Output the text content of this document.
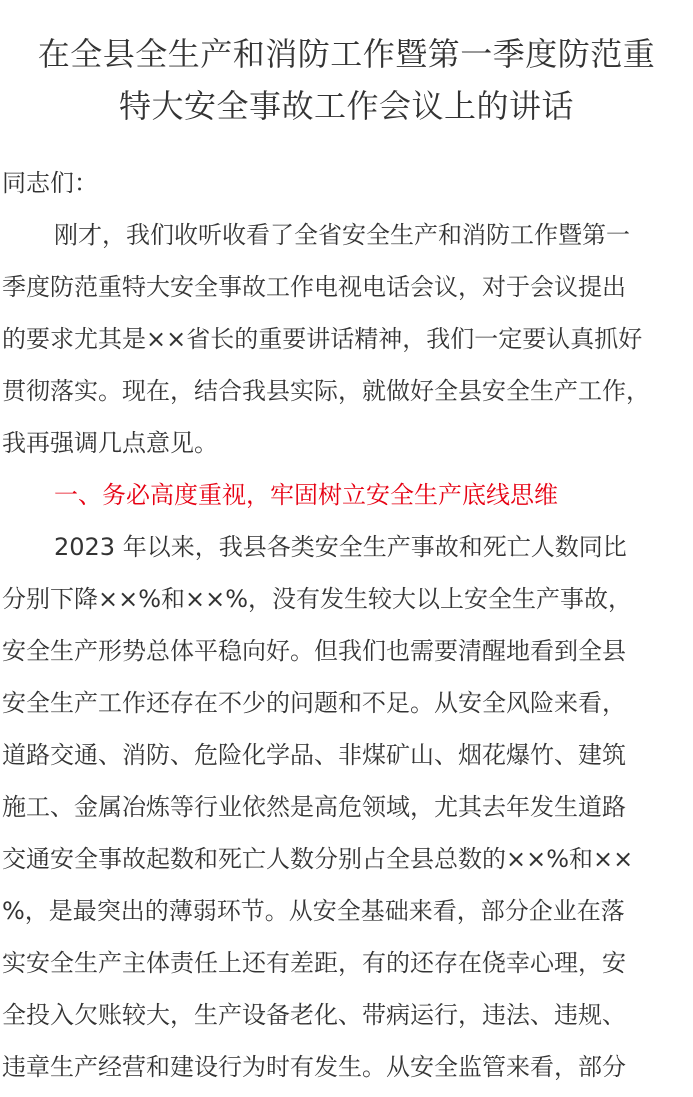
在全县全生产和消防工作暨第一季度防范重
特大安全事故工作会议上的讲话
同志们：
刚才，我们收听收看了全省安全生产和消防工作暨第一
季度防范重特大安全事故工作电视电话会议，对于会议提出
的要求尤其是××省长的重要讲话精神，我们一定要认真抓好
贯彻落实。现在，结合我县实际，就做好全县安全生产工作，
我再强调几点意见。
一、务必高度重视，牢固树立安全生产底线思维
2023 年以来，我县各类安全生产事故和死亡人数同比
分别下降××%和××%，没有发生较大以上安全生产事故，
安全生产形势总体平稳向好。但我们也需要清醒地看到全县
安全生产工作还存在不少的问题和不足。从安全风险来看，
道路交通、消防、危险化学品、非煤矿山、烟花爆竹、建筑
施工、金属冶炼等行业依然是高危领域，尤其去年发生道路
交通安全事故起数和死亡人数分别占全县总数的××%和××
%，是最突出的薄弱环节。从安全基础来看，部分企业在落
实安全生产主体责任上还有差距，有的还存在侥幸心理，安
全投入欠账较大，生产设备老化、带病运行，违法、违规、
违章生产经营和建设行为时有发生。从安全监管来看，部分
